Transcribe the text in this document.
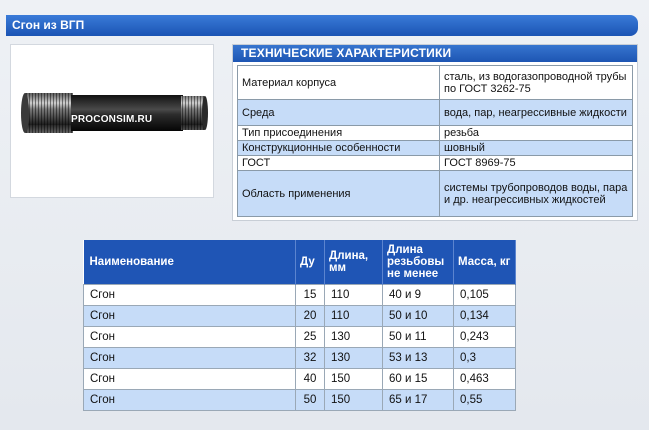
Сгон из ВГП
PROCONSIM.RU
ТЕХНИЧЕСКИЕ ХАРАКТЕРИСТИКИ
Материал корпуса	сталь, из водогазопроводной трубы по ГОСТ 3262-75
Среда	вода, пар, неагрессивные жидкости
Тип присоединения	резьба
Конструкционные особенности	шовный
ГОСТ	ГОСТ 8969-75
Область применения	системы трубопроводов воды, пара и др. неагрессивных жидкостей
Наименование	Ду	Длина, мм	Длина резьбовы не менее	Масса, кг
Сгон	15	110	40 и 9	0,105
Сгон	20	110	50 и 10	0,134
Сгон	25	130	50 и 11	0,243
Сгон	32	130	53 и 13	0,3
Сгон	40	150	60 и 15	0,463
Сгон	50	150	65 и 17	0,55
